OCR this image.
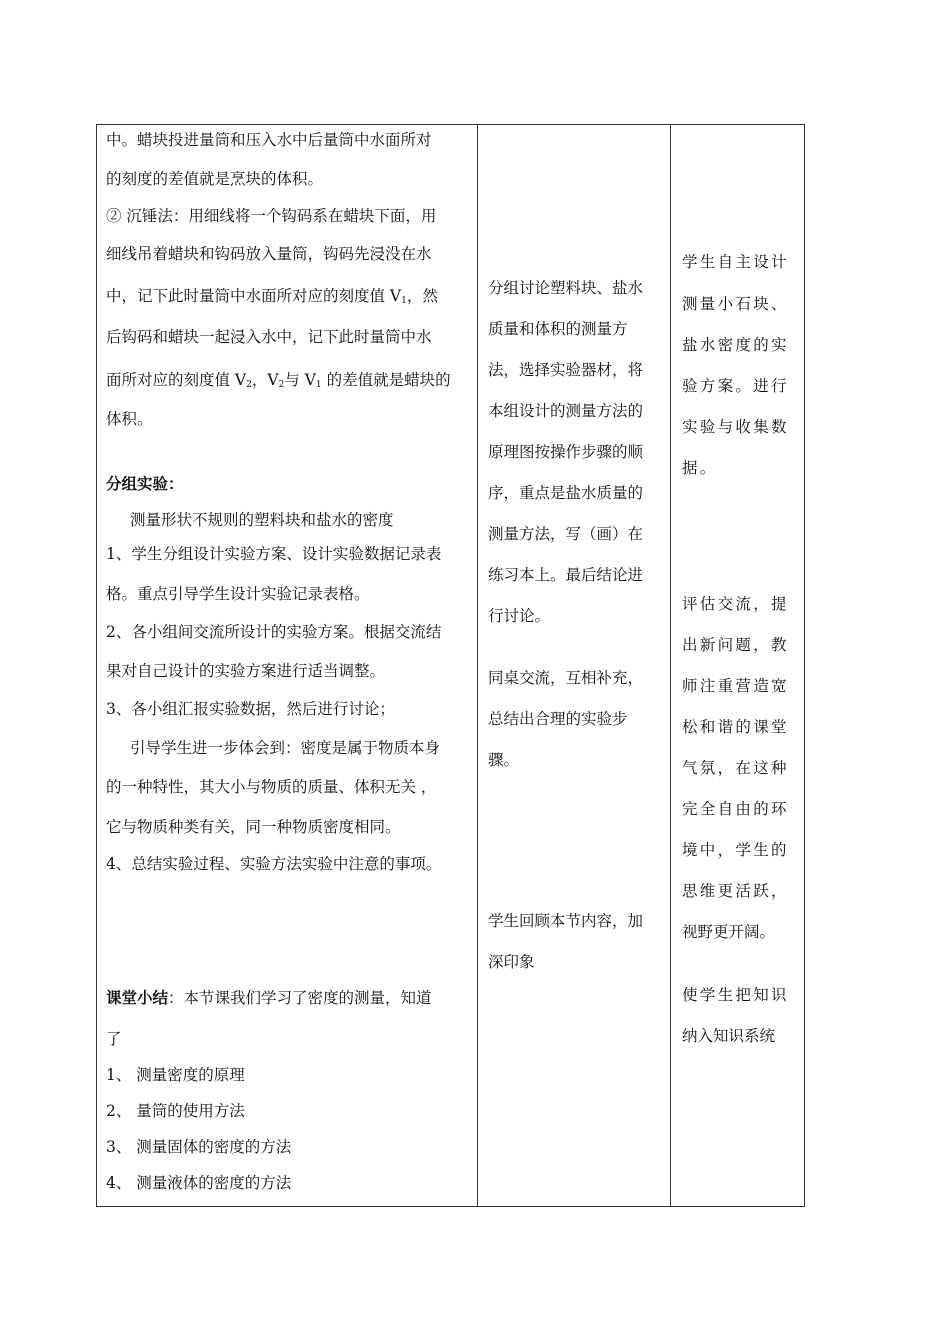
中。蜡块投进量筒和压入水中后量筒中水面所对
的刻度的差值就是烹块的体积。
② 沉锤法：用细线将一个钩码系在蜡块下面，用
细线吊着蜡块和钩码放入量筒，钩码先浸没在水
中，记下此时量筒中水面所对应的刻度值 $V_1$，然
后钩码和蜡块一起浸入水中，记下此时量筒中水
面所对应的刻度值 $V_2$，$V_2$与 $V_1$ 的差值就是蜡块的
体积。
分组实验：
测量形状不规则的塑料块和盐水的密度
1、学生分组设计实验方案、设计实验数据记录表
格。重点引导学生设计实验记录表格。
2、各小组间交流所设计的实验方案。根据交流结
果对自己设计的实验方案进行适当调整。
3、各小组汇报实验数据，然后进行讨论；
引导学生进一步体会到：密度是属于物质本身
的一种特性，其大小与物质的质量、体积无关 ，
它与物质种类有关，同一种物质密度相同。
4、总结实验过程、实验方法实验中注意的事项。
课堂小结：本节课我们学习了密度的测量，知道
了
1、 测量密度的原理
2、 量筒的使用方法
3、 测量固体的密度的方法
4、 测量液体的密度的方法
分组讨论塑料块、盐水
质量和体积的测量方
法，选择实验器材，将
本组设计的测量方法的
原理图按操作步骤的顺
序，重点是盐水质量的
测量方法，写（画）在
练习本上。最后结论进
行讨论。
同桌交流，互相补充，
总结出合理的实验步
骤。
学生回顾本节内容，加
深印象
学生自主设计
测量小石块、
盐水密度的实
验方案。进行
实验与收集数
据。
评估交流，提
出新问题，教
师注重营造宽
松和谐的课堂
气氛，在这种
完全自由的环
境中，学生的
思维更活跃，
视野更开阔。
使学生把知识
纳入知识系统
